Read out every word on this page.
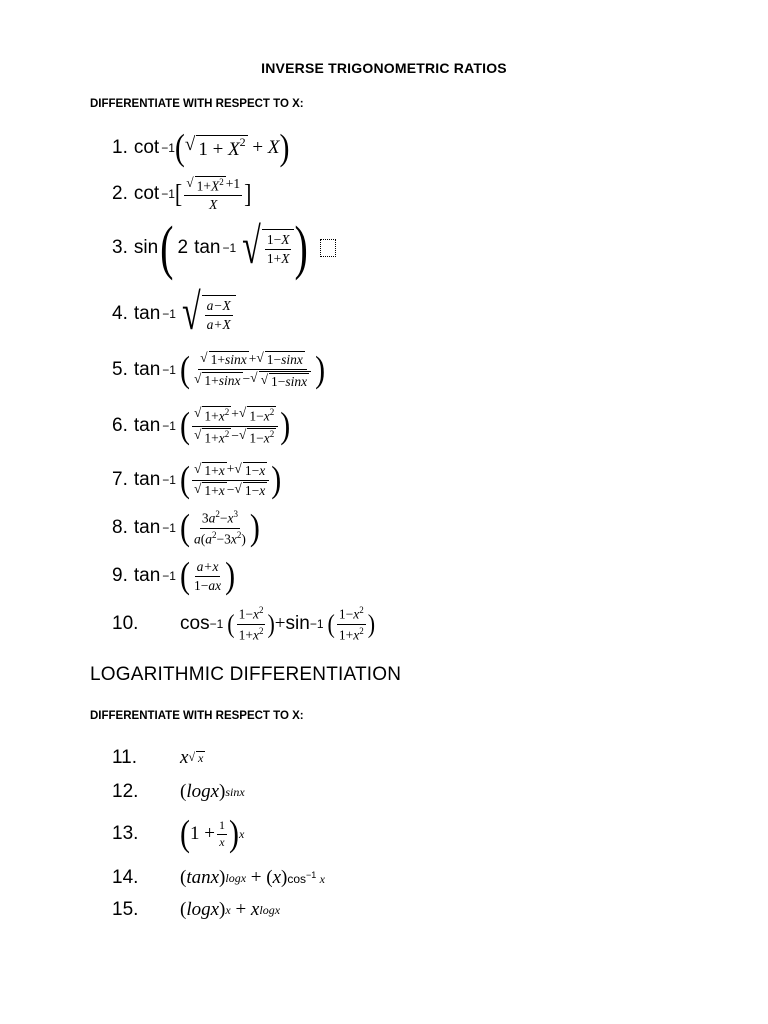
INVERSE TRIGONOMETRIC RATIOS
DIFFERENTIATE WITH RESPECT TO X:
1. cot −1 ( √ $1 + X^2 + X$ )
2. cot −1 [ $\frac{√ 1+X^2 +1}{X}$ ]
3. sin ( 2 tan −1 √ $\frac{1-X}{1+X}$ )
4. tan −1 √ $\frac{a-X}{a+X}$
5. tan −1 ( $\frac{√ 1+\sin x + √ 1-\sin x}{√ 1+\sin x - √ √ 1-\sin x}$ )
6. tan −1 ( $\frac{√ 1+x^2 + √ 1-x^2}{√ 1+x^2 - √ 1-x^2}$ )
7. tan −1 ( $\frac{√ 1+x + √ 1-x}{√ 1+x - √ 1-x}$ )
8. tan −1 ( $\frac{3a^2-x^3}{a(a^2-3x^2)}$ )
9. tan −1 ( $\frac{a+x}{1-ax}$ )
10.	cos −1 ( $\frac{1-x^2}{1+x^2}$ ) + sin −1 ( $\frac{1-x^2}{1+x^2}$ )
LOGARITHMIC DIFFERENTIATION
DIFFERENTIATE WITH RESPECT TO X:
11.	x √ x
12.	(logx) sinx
13.	( $1 + \frac{1}{x}$ ) x
14.	(tanx) logx + (x) $\cos^{-1} x$
15.	(logx) x + x logx
